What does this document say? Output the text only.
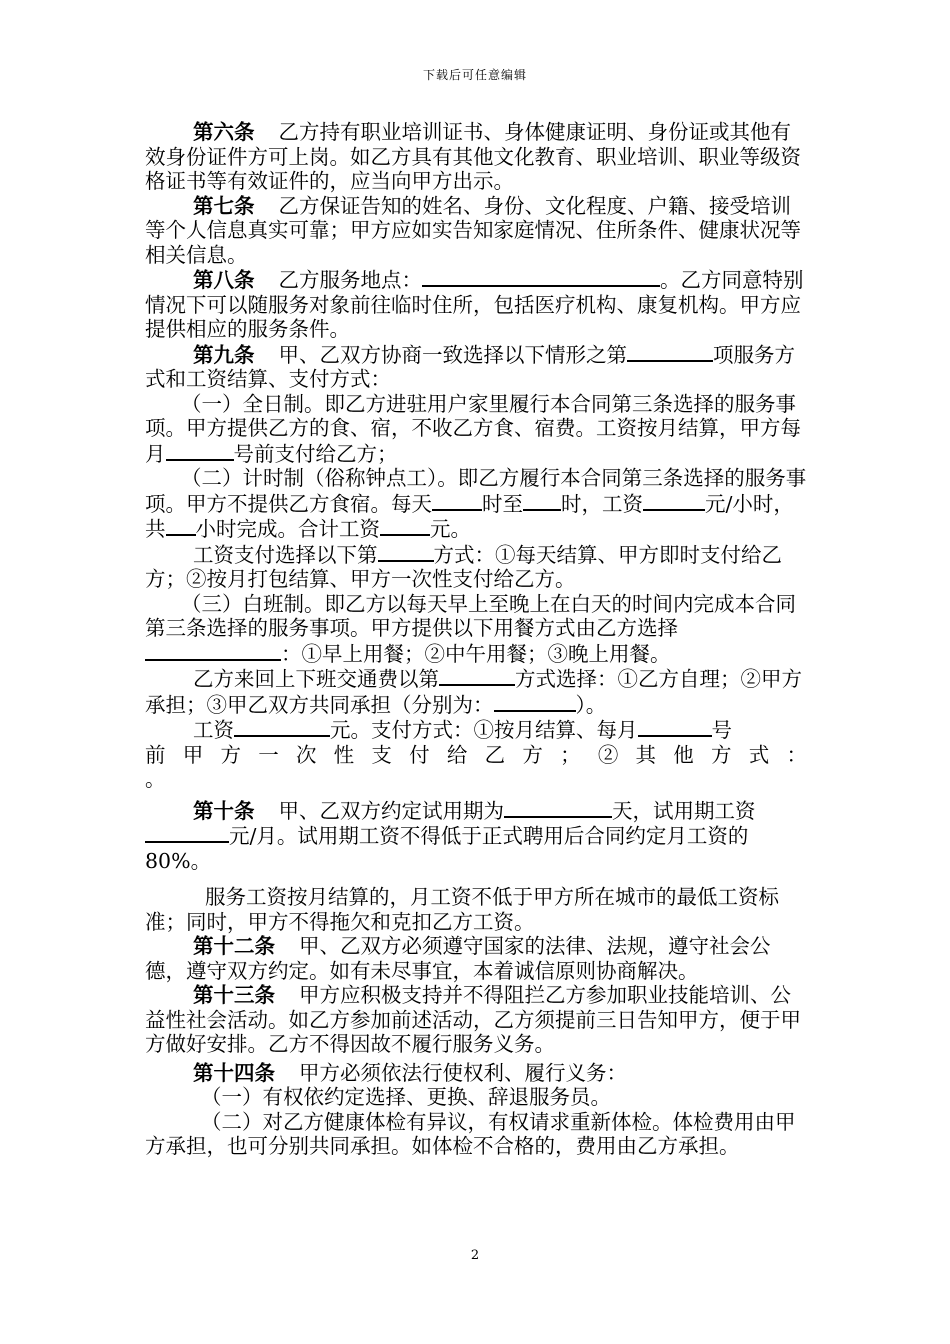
下载后可任意编辑

第六条 乙方持有职业培训证书、身体健康证明、身份证或其他有效身份证件方可上岗。如乙方具有其他文化教育、职业培训、职业等级资格证书等有效证件的，应当向甲方出示。

第七条 乙方保证告知的姓名、身份、文化程度、户籍、接受培训等个人信息真实可靠；甲方应如实告知家庭情况、住所条件、健康状况等相关信息。

第八条 乙方服务地点：	。乙方同意特别情况下可以随服务对象前往临时住所，包括医疗机构、康复机构。甲方应提供相应的服务条件。

第九条 甲、乙双方协商一致选择以下情形之第	项服务方式和工资结算、支付方式：

（一）全日制。即乙方进驻用户家里履行本合同第三条选择的服务事项。甲方提供乙方的食、宿，不收乙方食、宿费。工资按月结算，甲方每月	号前支付给乙方；

（二）计时制（俗称钟点工）。即乙方履行本合同第三条选择的服务事项。甲方不提供乙方食宿。每天 时至 时，工资	元/小时，共 小时完成。合计工资 元。

工资支付选择以下第	方式：①每天结算、甲方即时支付给乙方；②按月打包结算、甲方一次性支付给乙方。

（三）白班制。即乙方以每天早上至晚上在白天的时间内完成本合同第三条选择的服务事项。甲方提供以下用餐方式由乙方选择：①早上用餐；②中午用餐；③晚上用餐。

乙方来回上下班交通费以第	方式选择：①乙方自理；②甲方承担；③甲乙双方共同承担（分别为：	）。

工资	元。支付方式：①按月结算、每月	号

前甲方一次性支付给乙方；②其他方式：

。

第十条 甲、乙双方约定试用期为	天，试用期工资元/月。试用期工资不得低于正式聘用后合同约定月工资的 80%。

服务工资按月结算的，月工资不低于甲方所在城市的最低工资标准；同时，甲方不得拖欠和克扣乙方工资。

第十二条 甲、乙双方必须遵守国家的法律、法规，遵守社会公德，遵守双方约定。如有未尽事宜，本着诚信原则协商解决。

第十三条 甲方应积极支持并不得阻拦乙方参加职业技能培训、公益性社会活动。如乙方参加前述活动，乙方须提前三日告知甲方，便于甲方做好安排。乙方不得因故不履行服务义务。

第十四条 甲方必须依法行使权利、履行义务：

（一）有权依约定选择、更换、辞退服务员。

（二）对乙方健康体检有异议，有权请求重新体检。体检费用由甲方承担，也可分别共同承担。如体检不合格的，费用由乙方承担。

2
